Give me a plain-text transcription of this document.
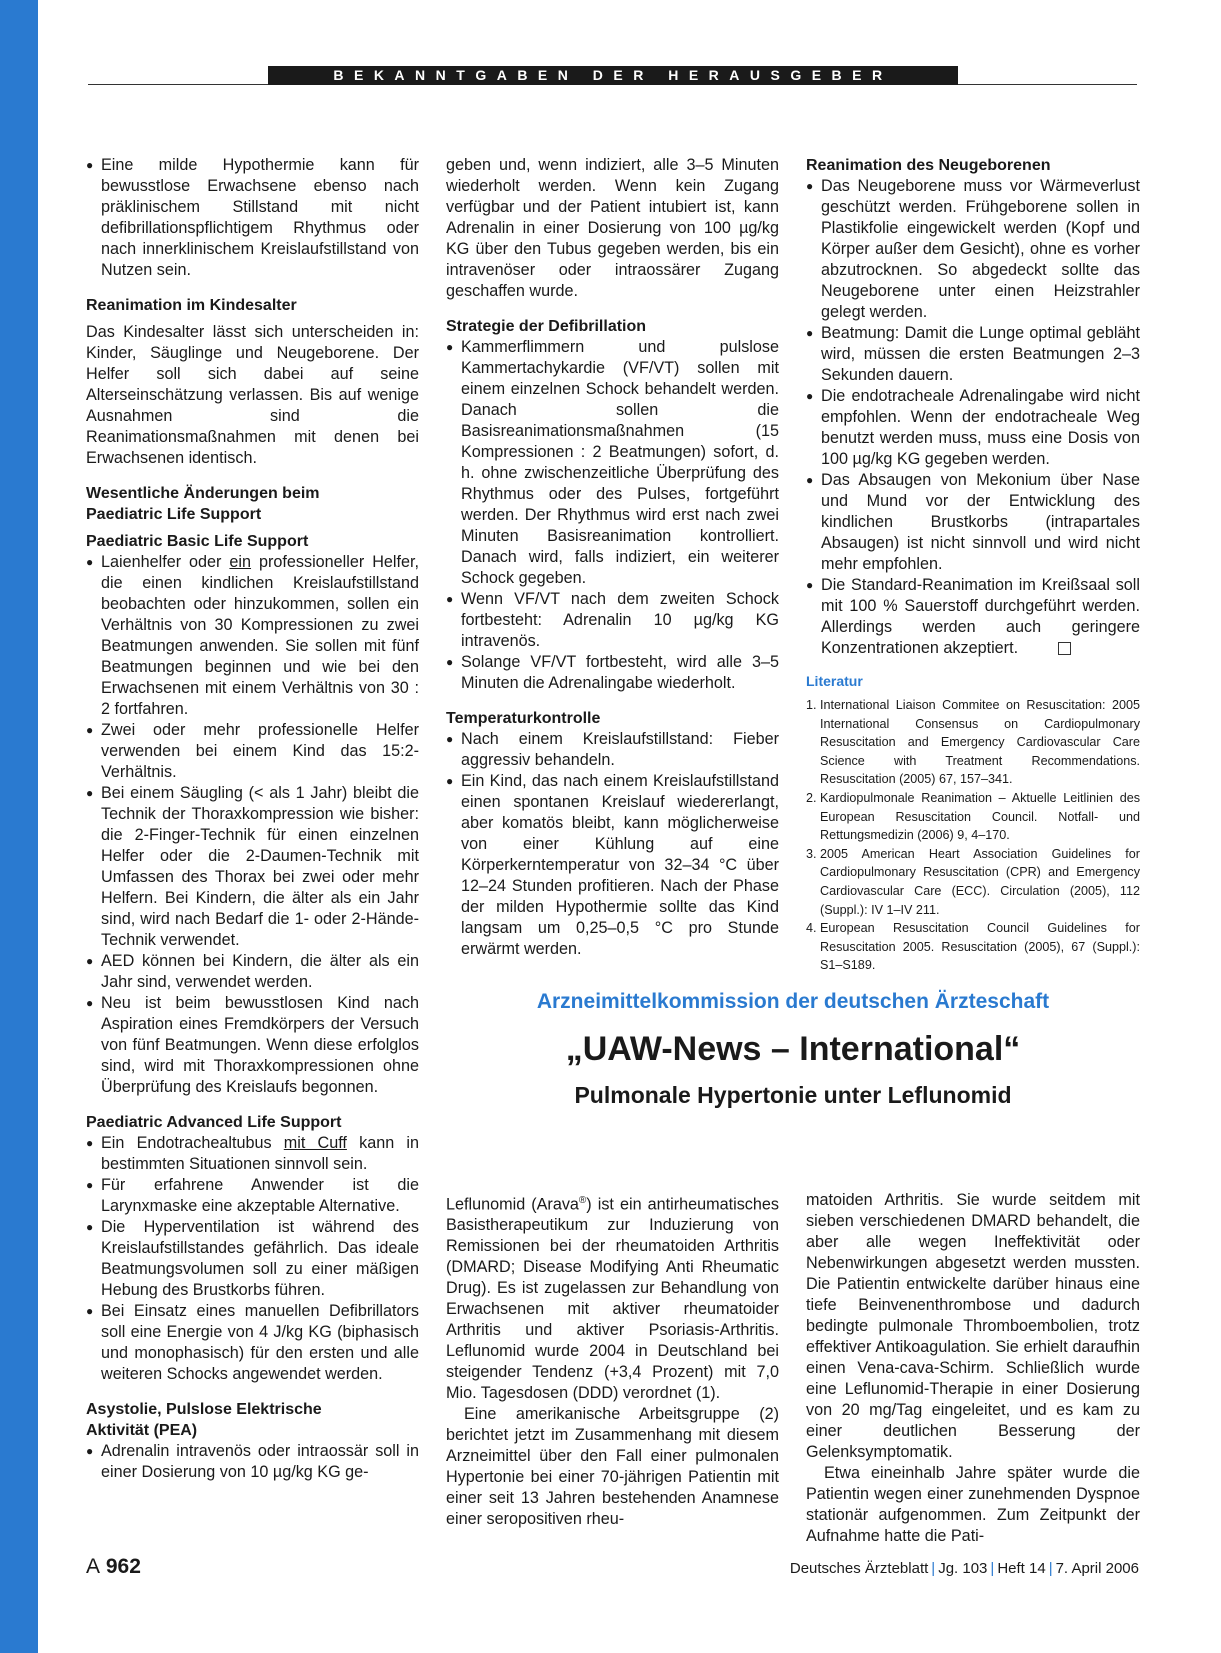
BEKANNTGABEN DER HERAUSGEBER
● Eine milde Hypothermie kann für bewusstlose Erwachsene ebenso nach präklinischem Stillstand mit nicht defibrillationspflichtigem Rhythmus oder nach innerklinischem Kreislaufstillstand von Nutzen sein.

Reanimation im Kindesalter

Das Kindesalter lässt sich unterscheiden in: Kinder, Säuglinge und Neugeborene. Der Helfer soll sich dabei auf seine Alterseinschätzung verlassen. Bis auf wenige Ausnahmen sind die Reanimationsmaßnahmen mit denen bei Erwachsenen identisch.

Wesentliche Änderungen beim

Paediatric Life Support

Paediatric Basic Life Support

● Laienhelfer oder ein professioneller Helfer, die einen kindlichen Kreislaufstillstand beobachten oder hinzukommen, sollen ein Verhältnis von 30 Kompressionen zu zwei Beatmungen anwenden. Sie sollen mit fünf Beatmungen beginnen und wie bei den Erwachsenen mit einem Verhältnis von 30 : 2 fortfahren.
● Zwei oder mehr professionelle Helfer verwenden bei einem Kind das 15:2-Verhältnis.
● Bei einem Säugling (< als 1 Jahr) bleibt die Technik der Thoraxkompression wie bisher: die 2-Finger-Technik für einen einzelnen Helfer oder die 2-Daumen-Technik mit Umfassen des Thorax bei zwei oder mehr Helfern. Bei Kindern, die älter als ein Jahr sind, wird nach Bedarf die 1- oder 2-Hände-Technik verwendet.
● AED können bei Kindern, die älter als ein Jahr sind, verwendet werden.
● Neu ist beim bewusstlosen Kind nach Aspiration eines Fremdkörpers der Versuch von fünf Beatmungen. Wenn diese erfolglos sind, wird mit Thoraxkompressionen ohne Überprüfung des Kreislaufs begonnen.

Paediatric Advanced Life Support

● Ein Endotrachealtubus mit Cuff kann in bestimmten Situationen sinnvoll sein.
● Für erfahrene Anwender ist die Larynxmaske eine akzeptable Alternative.
● Die Hyperventilation ist während des Kreislaufstillstandes gefährlich. Das ideale Beatmungsvolumen soll zu einer mäßigen Hebung des Brustkorbs führen.
● Bei Einsatz eines manuellen Defibrillators soll eine Energie von 4 J/kg KG (biphasisch und monophasisch) für den ersten und alle weiteren Schocks angewendet werden.

Asystolie, Pulslose Elektrische

Aktivität (PEA)

● Adrenalin intravenös oder intraossär soll in einer Dosierung von 10 µg/kg KG ge-

geben und, wenn indiziert, alle 3–5 Minuten wiederholt werden. Wenn kein Zugang verfügbar und der Patient intubiert ist, kann Adrenalin in einer Dosierung von 100 µg/kg KG über den Tubus gegeben werden, bis ein intravenöser oder intraossärer Zugang geschaffen wurde.

Strategie der Defibrillation

● Kammerflimmern und pulslose Kammertachykardie (VF/VT) sollen mit einem einzelnen Schock behandelt werden. Danach sollen die Basisreanimationsmaßnahmen (15 Kompressionen : 2 Beatmungen) sofort, d. h. ohne zwischenzeitliche Überprüfung des Rhythmus oder des Pulses, fortgeführt werden. Der Rhythmus wird erst nach zwei Minuten Basisreanimation kontrolliert. Danach wird, falls indiziert, ein weiterer Schock gegeben.
● Wenn VF/VT nach dem zweiten Schock fortbesteht: Adrenalin 10 µg/kg KG intravenös.
● Solange VF/VT fortbesteht, wird alle 3–5 Minuten die Adrenalingabe wiederholt.

Temperaturkontrolle

● Nach einem Kreislaufstillstand: Fieber aggressiv behandeln.
● Ein Kind, das nach einem Kreislaufstillstand einen spontanen Kreislauf wiedererlangt, aber komatös bleibt, kann möglicherweise von einer Kühlung auf eine Körperkerntemperatur von 32–34 °C über 12–24 Stunden profitieren. Nach der Phase der milden Hypothermie sollte das Kind langsam um 0,25–0,5 °C pro Stunde erwärmt werden.

Reanimation des Neugeborenen

● Das Neugeborene muss vor Wärmeverlust geschützt werden. Frühgeborene sollen in Plastikfolie eingewickelt werden (Kopf und Körper außer dem Gesicht), ohne es vorher abzutrocknen. So abgedeckt sollte das Neugeborene unter einen Heizstrahler gelegt werden.
● Beatmung: Damit die Lunge optimal gebläht wird, müssen die ersten Beatmungen 2–3 Sekunden dauern.
● Die endotracheale Adrenalingabe wird nicht empfohlen. Wenn der endotracheale Weg benutzt werden muss, muss eine Dosis von 100 µg/kg KG gegeben werden.
● Das Absaugen von Mekonium über Nase und Mund vor der Entwicklung des kindlichen Brustkorbs (intrapartales Absaugen) ist nicht sinnvoll und wird nicht mehr empfohlen.
● Die Standard-Reanimation im Kreißsaal soll mit 100 % Sauerstoff durchgeführt werden. Allerdings werden auch geringere Konzentrationen akzeptiert.
Literatur
1. International Liaison Commitee on Resuscitation: 2005 International Consensus on Cardiopulmonary Resuscitation and Emergency Cardiovascular Care Science with Treatment Recommendations. Resuscitation (2005) 67, 157–341.
2. Kardiopulmonale Reanimation – Aktuelle Leitlinien des European Resuscitation Council. Notfall- und Rettungsmedizin (2006) 9, 4–170.
3. 2005 American Heart Association Guidelines for Cardiopulmonary Resuscitation (CPR) and Emergency Cardiovascular Care (ECC). Circulation (2005), 112 (Suppl.): IV 1–IV 211.
4. European Resuscitation Council Guidelines for Resuscitation 2005. Resuscitation (2005), 67 (Suppl.): S1–S189.
Arzneimittelkommission der deutschen Ärzteschaft
„UAW-News – International“
Pulmonale Hypertonie unter Leflunomid

Leflunomid (Arava®) ist ein antirheumatisches Basistherapeutikum zur Induzierung von Remissionen bei der rheumatoiden Arthritis (DMARD; Disease Modifying Anti Rheumatic Drug). Es ist zugelassen zur Behandlung von Erwachsenen mit aktiver rheumatoider Arthritis und aktiver Psoriasis-Arthritis. Leflunomid wurde 2004 in Deutschland bei steigender Tendenz (+3,4 Prozent) mit 7,0 Mio. Tagesdosen (DDD) verordnet (1).

Eine amerikanische Arbeitsgruppe (2) berichtet jetzt im Zusammenhang mit diesem Arzneimittel über den Fall einer pulmonalen Hypertonie bei einer 70-jährigen Patientin mit einer seit 13 Jahren bestehenden Anamnese einer seropositiven rheu-

matoiden Arthritis. Sie wurde seitdem mit sieben verschiedenen DMARD behandelt, die aber alle wegen Ineffektivität oder Nebenwirkungen abgesetzt werden mussten. Die Patientin entwickelte darüber hinaus eine tiefe Beinvenenthrombose und dadurch bedingte pulmonale Thromboembolien, trotz effektiver Antikoagulation. Sie erhielt daraufhin einen Vena-cava-Schirm. Schließlich wurde eine Leflunomid-Therapie in einer Dosierung von 20 mg/Tag eingeleitet, und es kam zu einer deutlichen Besserung der Gelenksymptomatik.

Etwa eineinhalb Jahre später wurde die Patientin wegen einer zunehmenden Dyspnoe stationär aufgenommen. Zum Zeitpunkt der Aufnahme hatte die Pati-

A 962	Deutsches Ärzteblatt | Jg. 103 | Heft 14 | 7. April 2006
